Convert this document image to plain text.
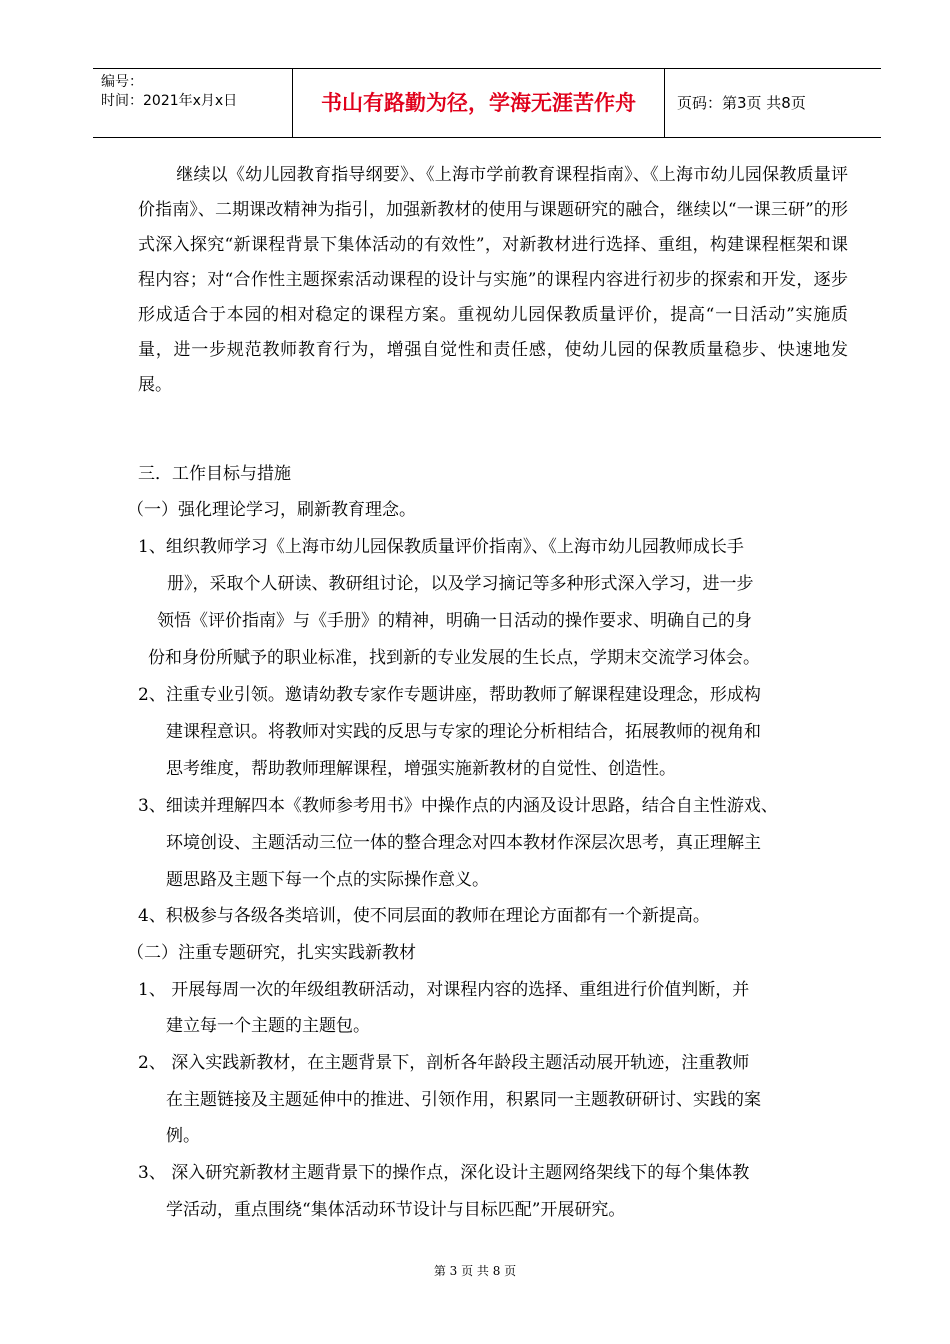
编号：
时间：2021年x月x日	书山有路勤为径，学海无涯苦作舟	页码：第3页 共8页
继续以《幼儿园教育指导纲要》、《上海市学前教育课程指南》、《上海市幼儿园保教质量评价指南》、二期课改精神为指引，加强新教材的使用与课题研究的融合，继续以“一课三研”的形式深入探究“新课程背景下集体活动的有效性”，对新教材进行选择、重组，构建课程框架和课程内容；对“合作性主题探索活动课程的设计与实施”的课程内容进行初步的探索和开发，逐步形成适合于本园的相对稳定的课程方案。重视幼儿园保教质量评价，提高“一日活动”实施质量，进一步规范教师教育行为，增强自觉性和责任感，使幼儿园的保教质量稳步、快速地发展。
三．工作目标与措施
（一）强化理论学习，刷新教育理念。
1、组织教师学习《上海市幼儿园保教质量评价指南》、《上海市幼儿园教师成长手
册》，采取个人研读、教研组讨论，以及学习摘记等多种形式深入学习，进一步
领悟《评价指南》与《手册》的精神，明确一日活动的操作要求、明确自己的身
份和身份所赋予的职业标准，找到新的专业发展的生长点，学期末交流学习体会。
2、注重专业引领。邀请幼教专家作专题讲座，帮助教师了解课程建设理念，形成构
建课程意识。将教师对实践的反思与专家的理论分析相结合，拓展教师的视角和
思考维度，帮助教师理解课程，增强实施新教材的自觉性、创造性。
3、细读并理解四本《教师参考用书》中操作点的内涵及设计思路，结合自主性游戏、
环境创设、主题活动三位一体的整合理念对四本教材作深层次思考，真正理解主
题思路及主题下每一个点的实际操作意义。
4、积极参与各级各类培训，使不同层面的教师在理论方面都有一个新提高。
（二）注重专题研究，扎实实践新教材
1、 开展每周一次的年级组教研活动，对课程内容的选择、重组进行价值判断，并
建立每一个主题的主题包。
2、 深入实践新教材，在主题背景下，剖析各年龄段主题活动展开轨迹，注重教师
在主题链接及主题延伸中的推进、引领作用，积累同一主题教研研讨、实践的案
例。
3、 深入研究新教材主题背景下的操作点，深化设计主题网络架线下的每个集体教
学活动，重点围绕“集体活动环节设计与目标匹配”开展研究。
第 3 页 共 8 页
